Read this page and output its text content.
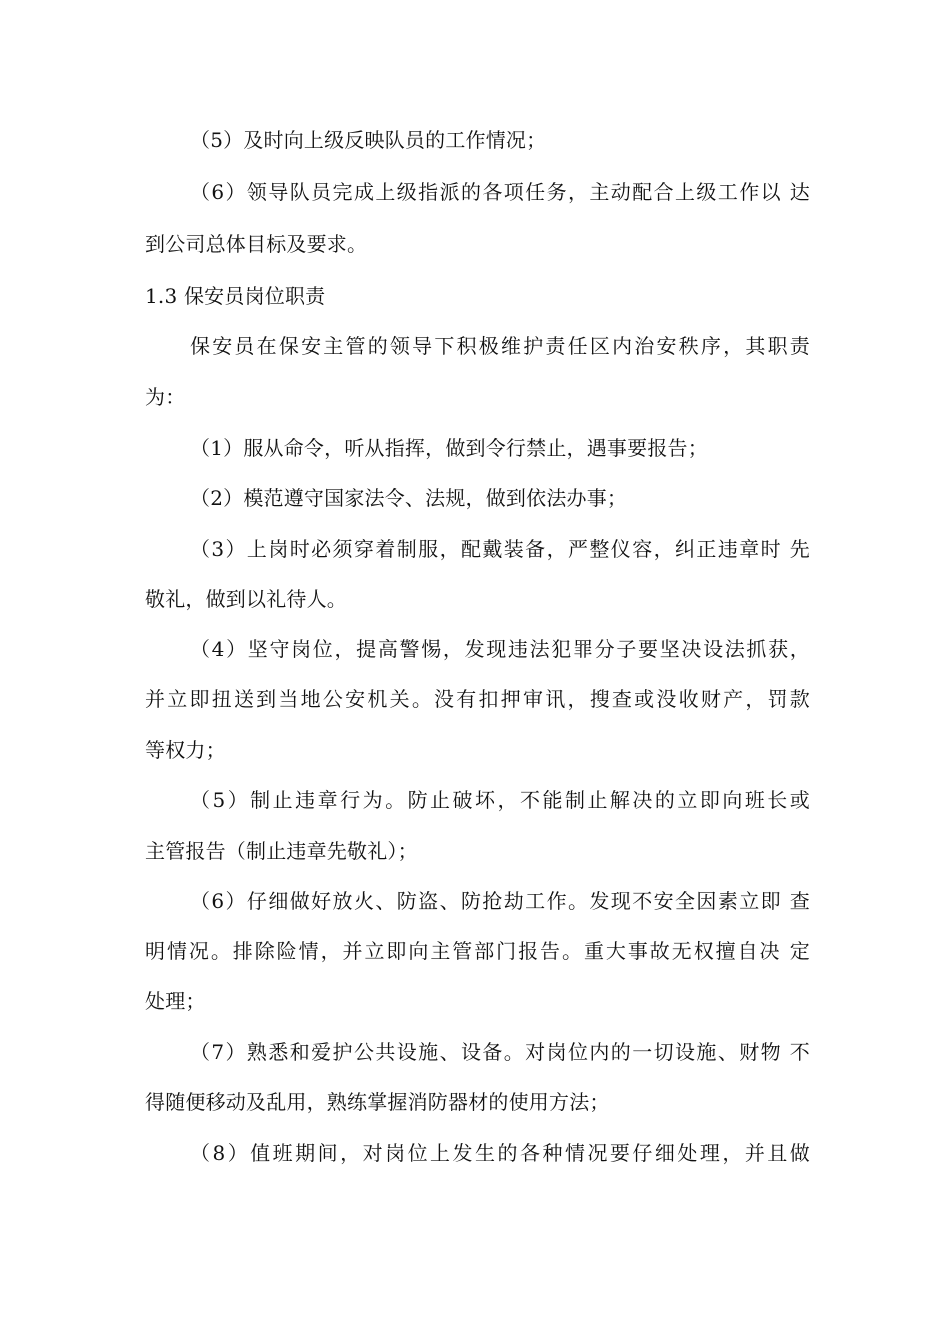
（5）及时向上级反映队员的工作情况；
（6）领导队员完成上级指派的各项任务，主动配合上级工作以 达
到公司总体目标及要求。
1.3 保安员岗位职责
保安员在保安主管的领导下积极维护责任区内治安秩序，其职责
为：
（1）服从命令，听从指挥，做到令行禁止，遇事要报告；
（2）模范遵守国家法令、法规，做到依法办事；
（3）上岗时必须穿着制服，配戴装备，严整仪容，纠正违章时 先
敬礼，做到以礼待人。
（4）坚守岗位，提高警惕，发现违法犯罪分子要坚决设法抓获，
并立即扭送到当地公安机关。没有扣押审讯，搜查或没收财产，罚款
等权力；
（5）制止违章行为。防止破坏，不能制止解决的立即向班长或
主管报告（制止违章先敬礼）；
（6）仔细做好放火、防盗、防抢劫工作。发现不安全因素立即 查
明情况。排除险情，并立即向主管部门报告。重大事故无权擅自决 定
处理；
（7）熟悉和爱护公共设施、设备。对岗位内的一切设施、财物 不
得随便移动及乱用，熟练掌握消防器材的使用方法；
（8）值班期间，对岗位上发生的各种情况要仔细处理，并且做
